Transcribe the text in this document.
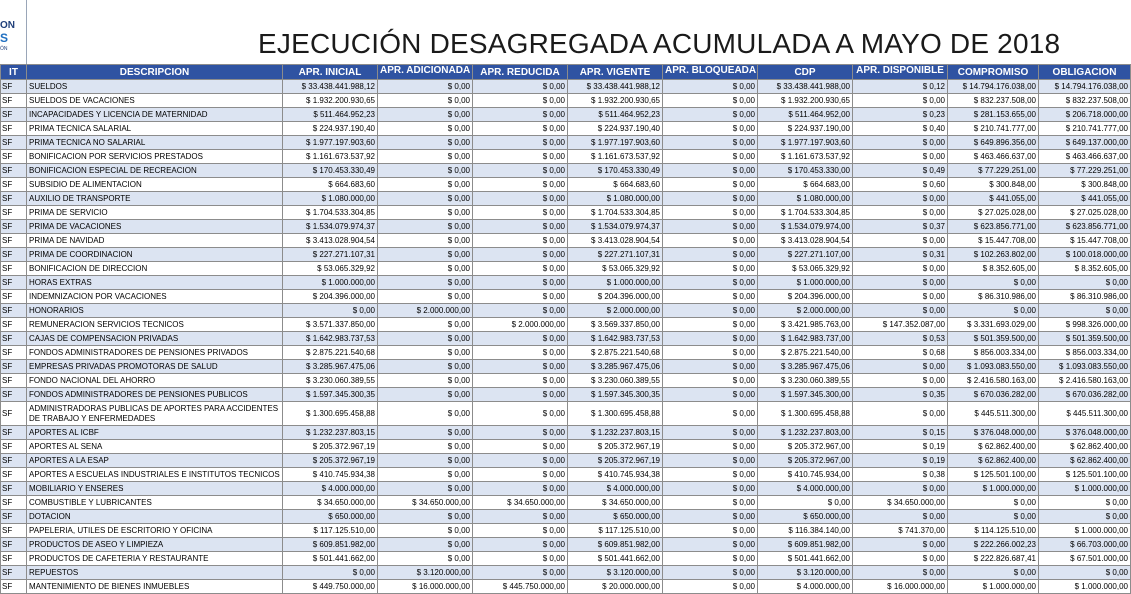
ON
S
ÓN	EJECUCIÓN DESAGREGADA ACUMULADA A MAYO DE 2018
IT	DESCRIPCION	APR. INICIAL	APR. ADICIONADA	APR. REDUCIDA	APR. VIGENTE	APR. BLOQUEADA	CDP	APR. DISPONIBLE	COMPROMISO	OBLIGACION
SF	SUELDOS	$ 33.438.441.988,12	$ 0,00	$ 0,00	$ 33.438.441.988,12	$ 0,00	$ 33.438.441.988,00	$ 0,12	$ 14.794.176.038,00	$ 14.794.176.038,00
SF	SUELDOS DE VACACIONES	$ 1.932.200.930,65	$ 0,00	$ 0,00	$ 1.932.200.930,65	$ 0,00	$ 1.932.200.930,65	$ 0,00	$ 832.237.508,00	$ 832.237.508,00
SF	INCAPACIDADES Y LICENCIA DE MATERNIDAD	$ 511.464.952,23	$ 0,00	$ 0,00	$ 511.464.952,23	$ 0,00	$ 511.464.952,00	$ 0,23	$ 281.153.655,00	$ 206.718.000,00
SF	PRIMA TECNICA SALARIAL	$ 224.937.190,40	$ 0,00	$ 0,00	$ 224.937.190,40	$ 0,00	$ 224.937.190,00	$ 0,40	$ 210.741.777,00	$ 210.741.777,00
SF	PRIMA TECNICA NO SALARIAL	$ 1.977.197.903,60	$ 0,00	$ 0,00	$ 1.977.197.903,60	$ 0,00	$ 1.977.197.903,60	$ 0,00	$ 649.896.356,00	$ 649.137.000,00
SF	BONIFICACION POR SERVICIOS PRESTADOS	$ 1.161.673.537,92	$ 0,00	$ 0,00	$ 1.161.673.537,92	$ 0,00	$ 1.161.673.537,92	$ 0,00	$ 463.466.637,00	$ 463.466.637,00
SF	BONIFICACION ESPECIAL DE RECREACION	$ 170.453.330,49	$ 0,00	$ 0,00	$ 170.453.330,49	$ 0,00	$ 170.453.330,00	$ 0,49	$ 77.229.251,00	$ 77.229.251,00
SF	SUBSIDIO DE ALIMENTACION	$ 664.683,60	$ 0,00	$ 0,00	$ 664.683,60	$ 0,00	$ 664.683,00	$ 0,60	$ 300.848,00	$ 300.848,00
SF	AUXILIO DE TRANSPORTE	$ 1.080.000,00	$ 0,00	$ 0,00	$ 1.080.000,00	$ 0,00	$ 1.080.000,00	$ 0,00	$ 441.055,00	$ 441.055,00
SF	PRIMA DE SERVICIO	$ 1.704.533.304,85	$ 0,00	$ 0,00	$ 1.704.533.304,85	$ 0,00	$ 1.704.533.304,85	$ 0,00	$ 27.025.028,00	$ 27.025.028,00
SF	PRIMA DE VACACIONES	$ 1.534.079.974,37	$ 0,00	$ 0,00	$ 1.534.079.974,37	$ 0,00	$ 1.534.079.974,00	$ 0,37	$ 623.856.771,00	$ 623.856.771,00
SF	PRIMA DE NAVIDAD	$ 3.413.028.904,54	$ 0,00	$ 0,00	$ 3.413.028.904,54	$ 0,00	$ 3.413.028.904,54	$ 0,00	$ 15.447.708,00	$ 15.447.708,00
SF	PRIMA DE COORDINACION	$ 227.271.107,31	$ 0,00	$ 0,00	$ 227.271.107,31	$ 0,00	$ 227.271.107,00	$ 0,31	$ 102.263.802,00	$ 100.018.000,00
SF	BONIFICACION DE DIRECCION	$ 53.065.329,92	$ 0,00	$ 0,00	$ 53.065.329,92	$ 0,00	$ 53.065.329,92	$ 0,00	$ 8.352.605,00	$ 8.352.605,00
SF	HORAS EXTRAS	$ 1.000.000,00	$ 0,00	$ 0,00	$ 1.000.000,00	$ 0,00	$ 1.000.000,00	$ 0,00	$ 0,00	$ 0,00
SF	INDEMNIZACION POR VACACIONES	$ 204.396.000,00	$ 0,00	$ 0,00	$ 204.396.000,00	$ 0,00	$ 204.396.000,00	$ 0,00	$ 86.310.986,00	$ 86.310.986,00
SF	HONORARIOS	$ 0,00	$ 2.000.000,00	$ 0,00	$ 2.000.000,00	$ 0,00	$ 2.000.000,00	$ 0,00	$ 0,00	$ 0,00
SF	REMUNERACION SERVICIOS TECNICOS	$ 3.571.337.850,00	$ 0,00	$ 2.000.000,00	$ 3.569.337.850,00	$ 0,00	$ 3.421.985.763,00	$ 147.352.087,00	$ 3.331.693.029,00	$ 998.326.000,00
SF	CAJAS DE COMPENSACION PRIVADAS	$ 1.642.983.737,53	$ 0,00	$ 0,00	$ 1.642.983.737,53	$ 0,00	$ 1.642.983.737,00	$ 0,53	$ 501.359.500,00	$ 501.359.500,00
SF	FONDOS ADMINISTRADORES DE PENSIONES PRIVADOS	$ 2.875.221.540,68	$ 0,00	$ 0,00	$ 2.875.221.540,68	$ 0,00	$ 2.875.221.540,00	$ 0,68	$ 856.003.334,00	$ 856.003.334,00
SF	EMPRESAS PRIVADAS PROMOTORAS DE SALUD	$ 3.285.967.475,06	$ 0,00	$ 0,00	$ 3.285.967.475,06	$ 0,00	$ 3.285.967.475,06	$ 0,00	$ 1.093.083.550,00	$ 1.093.083.550,00
SF	FONDO NACIONAL DEL AHORRO	$ 3.230.060.389,55	$ 0,00	$ 0,00	$ 3.230.060.389,55	$ 0,00	$ 3.230.060.389,55	$ 0,00	$ 2.416.580.163,00	$ 2.416.580.163,00
SF	FONDOS ADMINISTRADORES DE PENSIONES PUBLICOS	$ 1.597.345.300,35	$ 0,00	$ 0,00	$ 1.597.345.300,35	$ 0,00	$ 1.597.345.300,00	$ 0,35	$ 670.036.282,00	$ 670.036.282,00
SF	ADMINISTRADORAS PUBLICAS DE APORTES PARA ACCIDENTES DE TRABAJO Y ENFERMEDADES	$ 1.300.695.458,88	$ 0,00	$ 0,00	$ 1.300.695.458,88	$ 0,00	$ 1.300.695.458,88	$ 0,00	$ 445.511.300,00	$ 445.511.300,00
SF	APORTES AL ICBF	$ 1.232.237.803,15	$ 0,00	$ 0,00	$ 1.232.237.803,15	$ 0,00	$ 1.232.237.803,00	$ 0,15	$ 376.048.000,00	$ 376.048.000,00
SF	APORTES AL SENA	$ 205.372.967,19	$ 0,00	$ 0,00	$ 205.372.967,19	$ 0,00	$ 205.372.967,00	$ 0,19	$ 62.862.400,00	$ 62.862.400,00
SF	APORTES A LA ESAP	$ 205.372.967,19	$ 0,00	$ 0,00	$ 205.372.967,19	$ 0,00	$ 205.372.967,00	$ 0,19	$ 62.862.400,00	$ 62.862.400,00
SF	APORTES A ESCUELAS INDUSTRIALES E INSTITUTOS TECNICOS	$ 410.745.934,38	$ 0,00	$ 0,00	$ 410.745.934,38	$ 0,00	$ 410.745.934,00	$ 0,38	$ 125.501.100,00	$ 125.501.100,00
SF	MOBILIARIO Y ENSERES	$ 4.000.000,00	$ 0,00	$ 0,00	$ 4.000.000,00	$ 0,00	$ 4.000.000,00	$ 0,00	$ 1.000.000,00	$ 1.000.000,00
SF	COMBUSTIBLE Y LUBRICANTES	$ 34.650.000,00	$ 34.650.000,00	$ 34.650.000,00	$ 34.650.000,00	$ 0,00	$ 0,00	$ 34.650.000,00	$ 0,00	$ 0,00
SF	DOTACION	$ 650.000,00	$ 0,00	$ 0,00	$ 650.000,00	$ 0,00	$ 650.000,00	$ 0,00	$ 0,00	$ 0,00
SF	PAPELERIA, UTILES DE ESCRITORIO Y OFICINA	$ 117.125.510,00	$ 0,00	$ 0,00	$ 117.125.510,00	$ 0,00	$ 116.384.140,00	$ 741.370,00	$ 114.125.510,00	$ 1.000.000,00
SF	PRODUCTOS DE ASEO Y LIMPIEZA	$ 609.851.982,00	$ 0,00	$ 0,00	$ 609.851.982,00	$ 0,00	$ 609.851.982,00	$ 0,00	$ 222.266.002,23	$ 66.703.000,00
SF	PRODUCTOS DE CAFETERIA Y RESTAURANTE	$ 501.441.662,00	$ 0,00	$ 0,00	$ 501.441.662,00	$ 0,00	$ 501.441.662,00	$ 0,00	$ 222.826.687,41	$ 67.501.000,00
SF	REPUESTOS	$ 0,00	$ 3.120.000,00	$ 0,00	$ 3.120.000,00	$ 0,00	$ 3.120.000,00	$ 0,00	$ 0,00	$ 0,00
SF	MANTENIMIENTO DE BIENES INMUEBLES	$ 449.750.000,00	$ 16.000.000,00	$ 445.750.000,00	$ 20.000.000,00	$ 0,00	$ 4.000.000,00	$ 16.000.000,00	$ 1.000.000,00	$ 1.000.000,00
